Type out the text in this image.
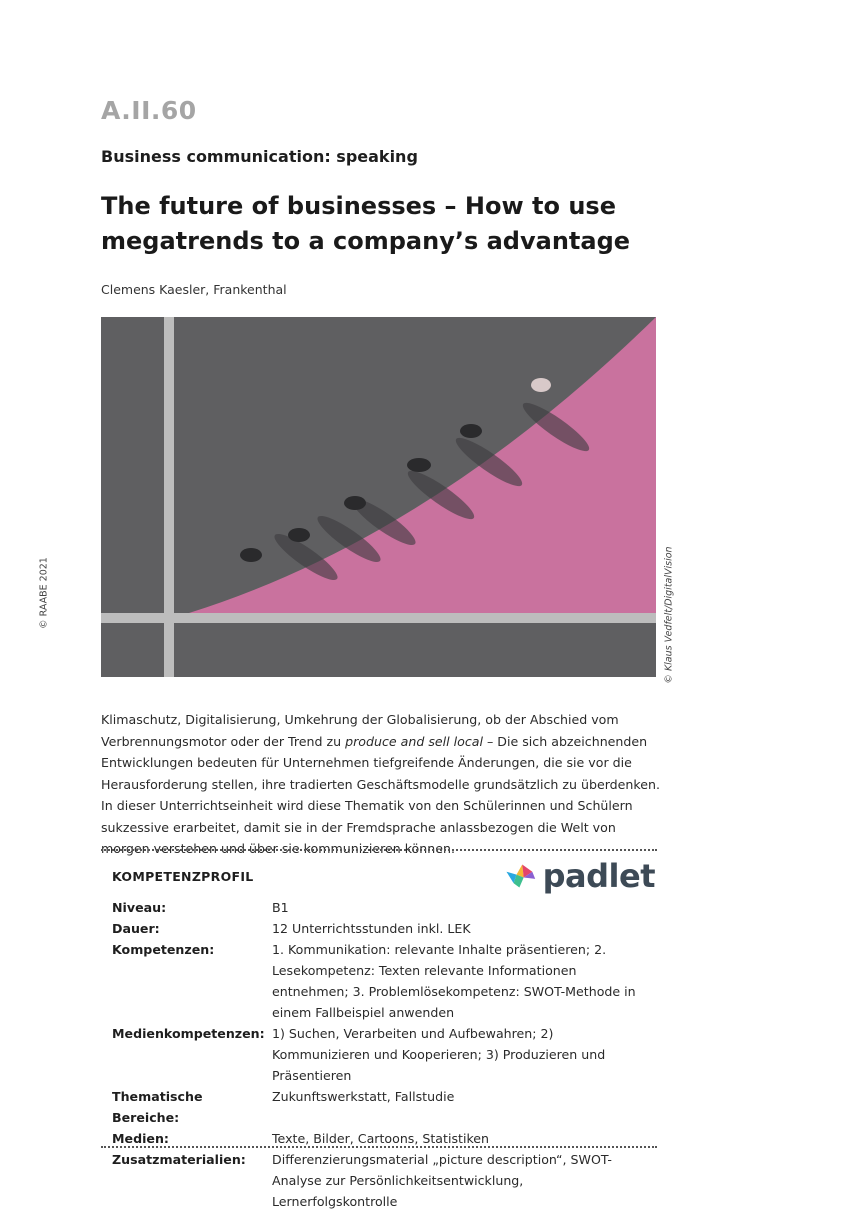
A.II.60
Business communication: speaking
The future of businesses – How to use megatrends to a company’s advantage
Clemens Kaesler, Frankenthal
© RAABE 2021	© Klaus Vedfelt/DigitalVision

Klimaschutz, Digitalisierung, Umkehrung der Globalisierung, ob der Abschied vom Verbrennungsmotor oder der Trend zu produce and sell local – Die sich abzeichnenden Entwicklungen bedeuten für Unternehmen tiefgreifende Änderungen, die sie vor die Herausforderung stellen, ihre tradierten Geschäftsmodelle grundsätzlich zu überdenken. In dieser Unterrichtseinheit wird diese Thematik von den Schülerinnen und Schülern sukzessive erarbeitet, damit sie in der Fremdsprache anlassbezogen die Welt von morgen verstehen und über sie kommunizieren können.

KOMPETENZPROFIL	padlet
Niveau:	B1
Dauer:	12 Unterrichtsstunden inkl. LEK
Kompetenzen:	1. Kommunikation: relevante Inhalte präsentieren; 2. Lesekompetenz: Texten relevante Informationen entnehmen; 3. Problemlösekompetenz: SWOT-Methode in einem Fallbeispiel anwenden
Medienkompetenzen: 1) Suchen, Verarbeiten und Aufbewahren; 2) Kommunizieren und Kooperieren; 3) Produzieren und Präsentieren
Thematische Bereiche:
Zukunftswerkstatt, Fallstudie
Medien:	Texte, Bilder, Cartoons, Statistiken
Zusatzmaterialien:	Differenzierungsmaterial „picture description“, SWOT-Analyse zur Persönlichkeitsentwicklung, Lernerfolgskontrolle
